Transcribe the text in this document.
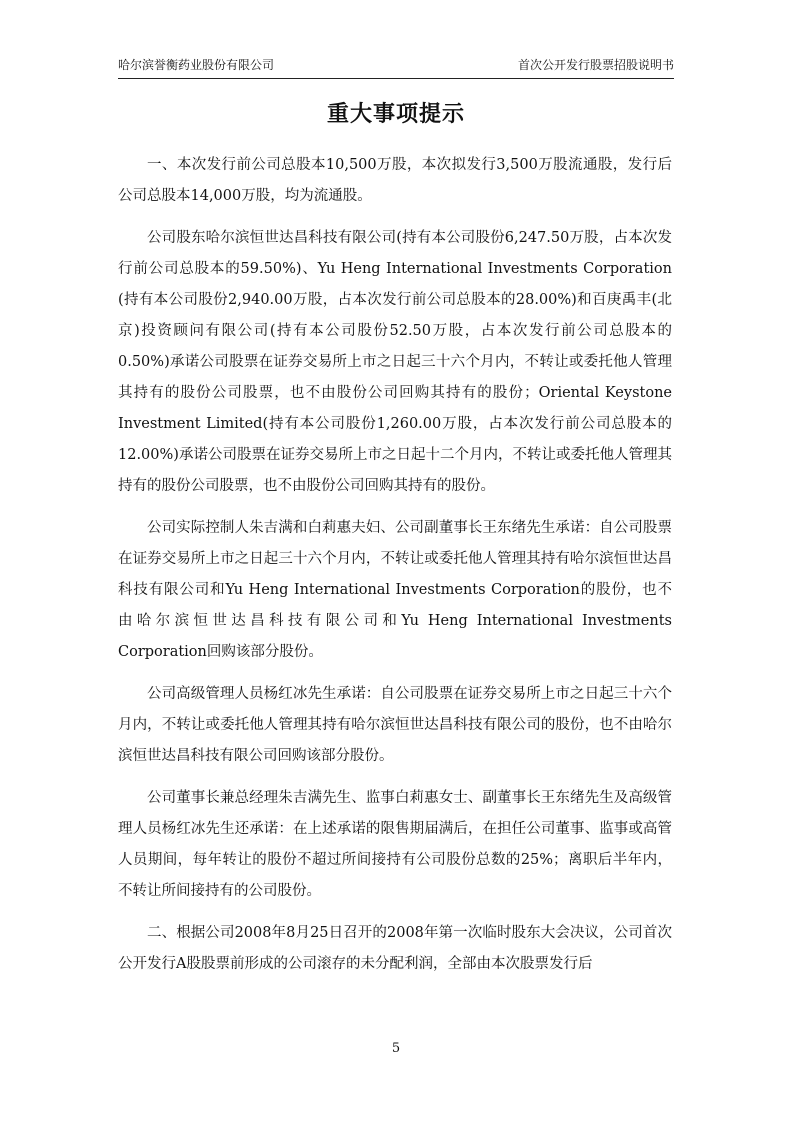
哈尔滨誉衡药业股份有限公司	首次公开发行股票招股说明书
重大事项提示

一、本次发行前公司总股本10,500万股，本次拟发行3,500万股流通股，发行后公司总股本14,000万股，均为流通股。

公司股东哈尔滨恒世达昌科技有限公司(持有本公司股份6,247.50万股，占本次发行前公司总股本的59.50%)、Yu Heng International Investments Corporation (持有本公司股份2,940.00万股，占本次发行前公司总股本的28.00%)和百庚禹丰(北京)投资顾问有限公司(持有本公司股份52.50万股，占本次发行前公司总股本的0.50%)承诺公司股票在证券交易所上市之日起三十六个月内，不转让或委托他人管理其持有的股份公司股票，也不由股份公司回购其持有的股份；Oriental Keystone Investment Limited(持有本公司股份1,260.00万股，占本次发行前公司总股本的12.00%)承诺公司股票在证券交易所上市之日起十二个月内，不转让或委托他人管理其持有的股份公司股票，也不由股份公司回购其持有的股份。

公司实际控制人朱吉满和白莉惠夫妇、公司副董事长王东绪先生承诺：自公司股票在证券交易所上市之日起三十六个月内，不转让或委托他人管理其持有哈尔滨恒世达昌科技有限公司和Yu Heng International Investments Corporation的股份，也不由哈尔滨恒世达昌科技有限公司和Yu Heng International Investments Corporation回购该部分股份。

公司高级管理人员杨红冰先生承诺：自公司股票在证券交易所上市之日起三十六个月内，不转让或委托他人管理其持有哈尔滨恒世达昌科技有限公司的股份，也不由哈尔滨恒世达昌科技有限公司回购该部分股份。

公司董事长兼总经理朱吉满先生、监事白莉惠女士、副董事长王东绪先生及高级管理人员杨红冰先生还承诺：在上述承诺的限售期届满后，在担任公司董事、监事或高管人员期间，每年转让的股份不超过所间接持有公司股份总数的25%；离职后半年内，不转让所间接持有的公司股份。

二、根据公司2008年8月25日召开的2008年第一次临时股东大会决议，公司首次公开发行A股股票前形成的公司滚存的未分配利润，全部由本次股票发行后

5
